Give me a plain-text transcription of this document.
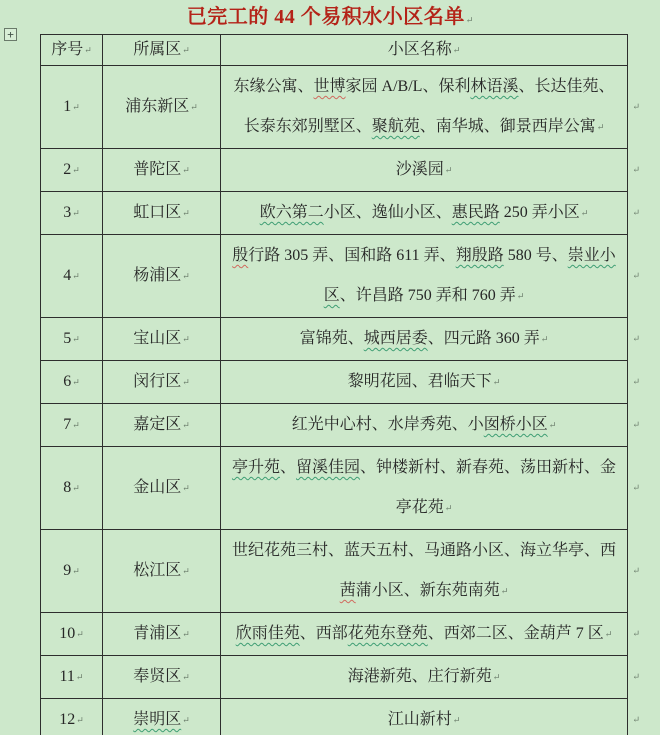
已完工的 44 个易积水小区名单↵
+
序号↵	所属区↵	小区名称↵
1↵	浦东新区↵	东缘公寓、世博家园 A/B/L、保利林语溪、长达佳苑、长泰东郊别墅区、聚航苑、南华城、御景西岸公寓↵
↵

2↵	普陀区↵	沙溪园↵ ↵

3↵	虹口区↵	欧六第二小区、逸仙小区、惠民路 250 弄小区↵ ↵

4↵	杨浦区↵	殷行路 305 弄、国和路 611 弄、翔殷路 580 号、崇业小区、许昌路 750 弄和 760 弄↵
↵

5↵	宝山区↵	富锦苑、城西居委、四元路 360 弄↵ ↵

6↵	闵行区↵	黎明花园、君临天下↵ ↵

7↵	嘉定区↵	红光中心村、水岸秀苑、小囡桥小区↵ ↵

8↵	金山区↵	亭升苑、留溪佳园、钟楼新村、新春苑、荡田新村、金亭花苑↵
↵

9↵	松江区↵	世纪花苑三村、蓝天五村、马通路小区、海立华亭、西茜蒲小区、新东苑南苑↵
↵

10↵	青浦区↵	欣雨佳苑、西部花苑东登苑、西郊二区、金葫芦 7 区↵ ↵

11↵	奉贤区↵	海港新苑、庄行新苑↵ ↵

12↵	崇明区↵	江山新村↵ ↵
